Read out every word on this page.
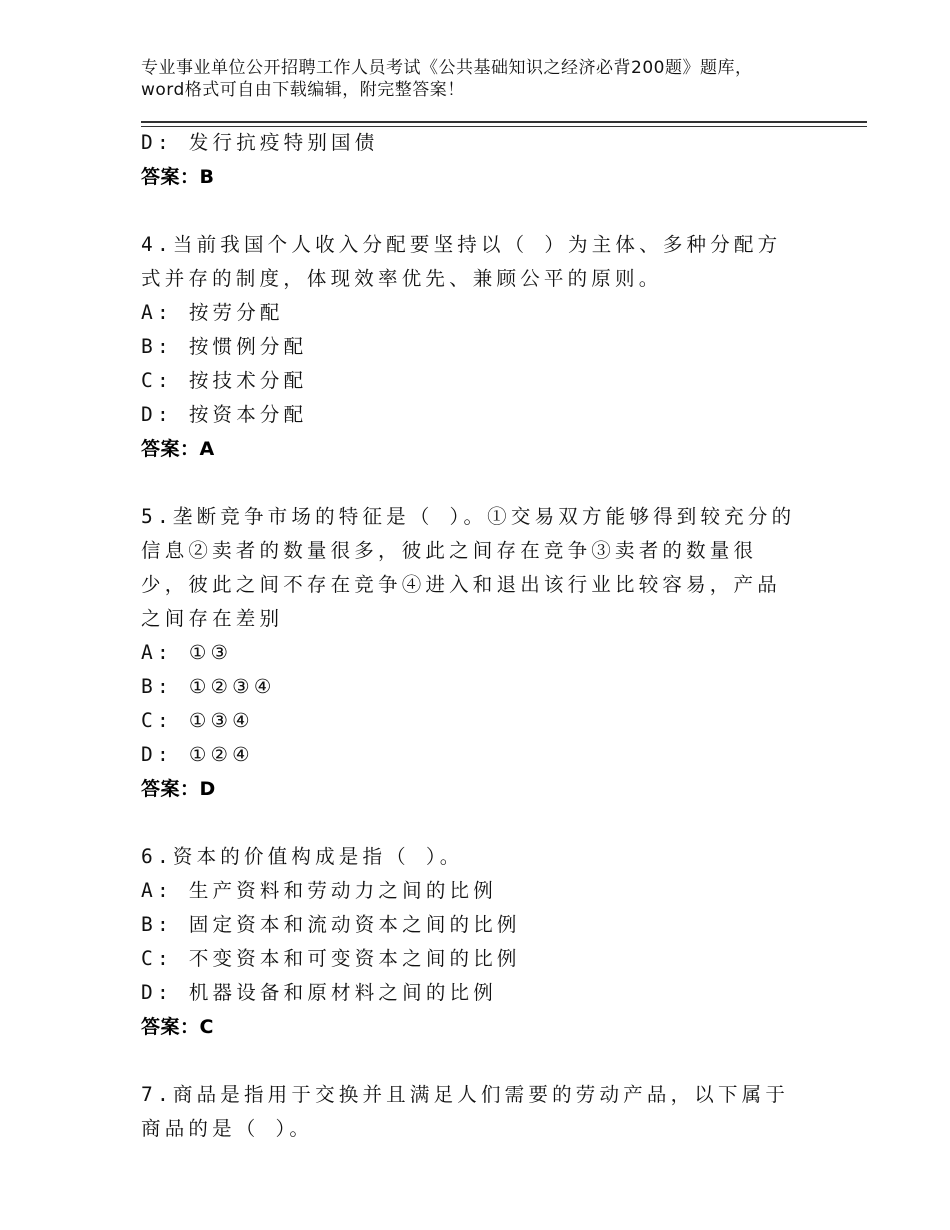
专业事业单位公开招聘工作人员考试《公共基础知识之经济必背200题》题库，word格式可自由下载编辑，附完整答案！
D: 发行抗疫特别国债
答案：B
4.当前我国个人收入分配要坚持以（ ）为主体、多种分配方式并存的制度，体现效率优先、兼顾公平的原则。
A: 按劳分配
B: 按惯例分配
C: 按技术分配
D: 按资本分配
答案：A
5.垄断竞争市场的特征是（ ）。①交易双方能够得到较充分的信息②卖者的数量很多，彼此之间存在竞争③卖者的数量很少，彼此之间不存在竞争④进入和退出该行业比较容易，产品之间存在差别
A: ①③
B: ①②③④
C: ①③④
D: ①②④
答案：D
6.资本的价值构成是指（ ）。
A: 生产资料和劳动力之间的比例
B: 固定资本和流动资本之间的比例
C: 不变资本和可变资本之间的比例
D: 机器设备和原材料之间的比例
答案：C
7.商品是指用于交换并且满足人们需要的劳动产品，以下属于商品的是（ ）。
